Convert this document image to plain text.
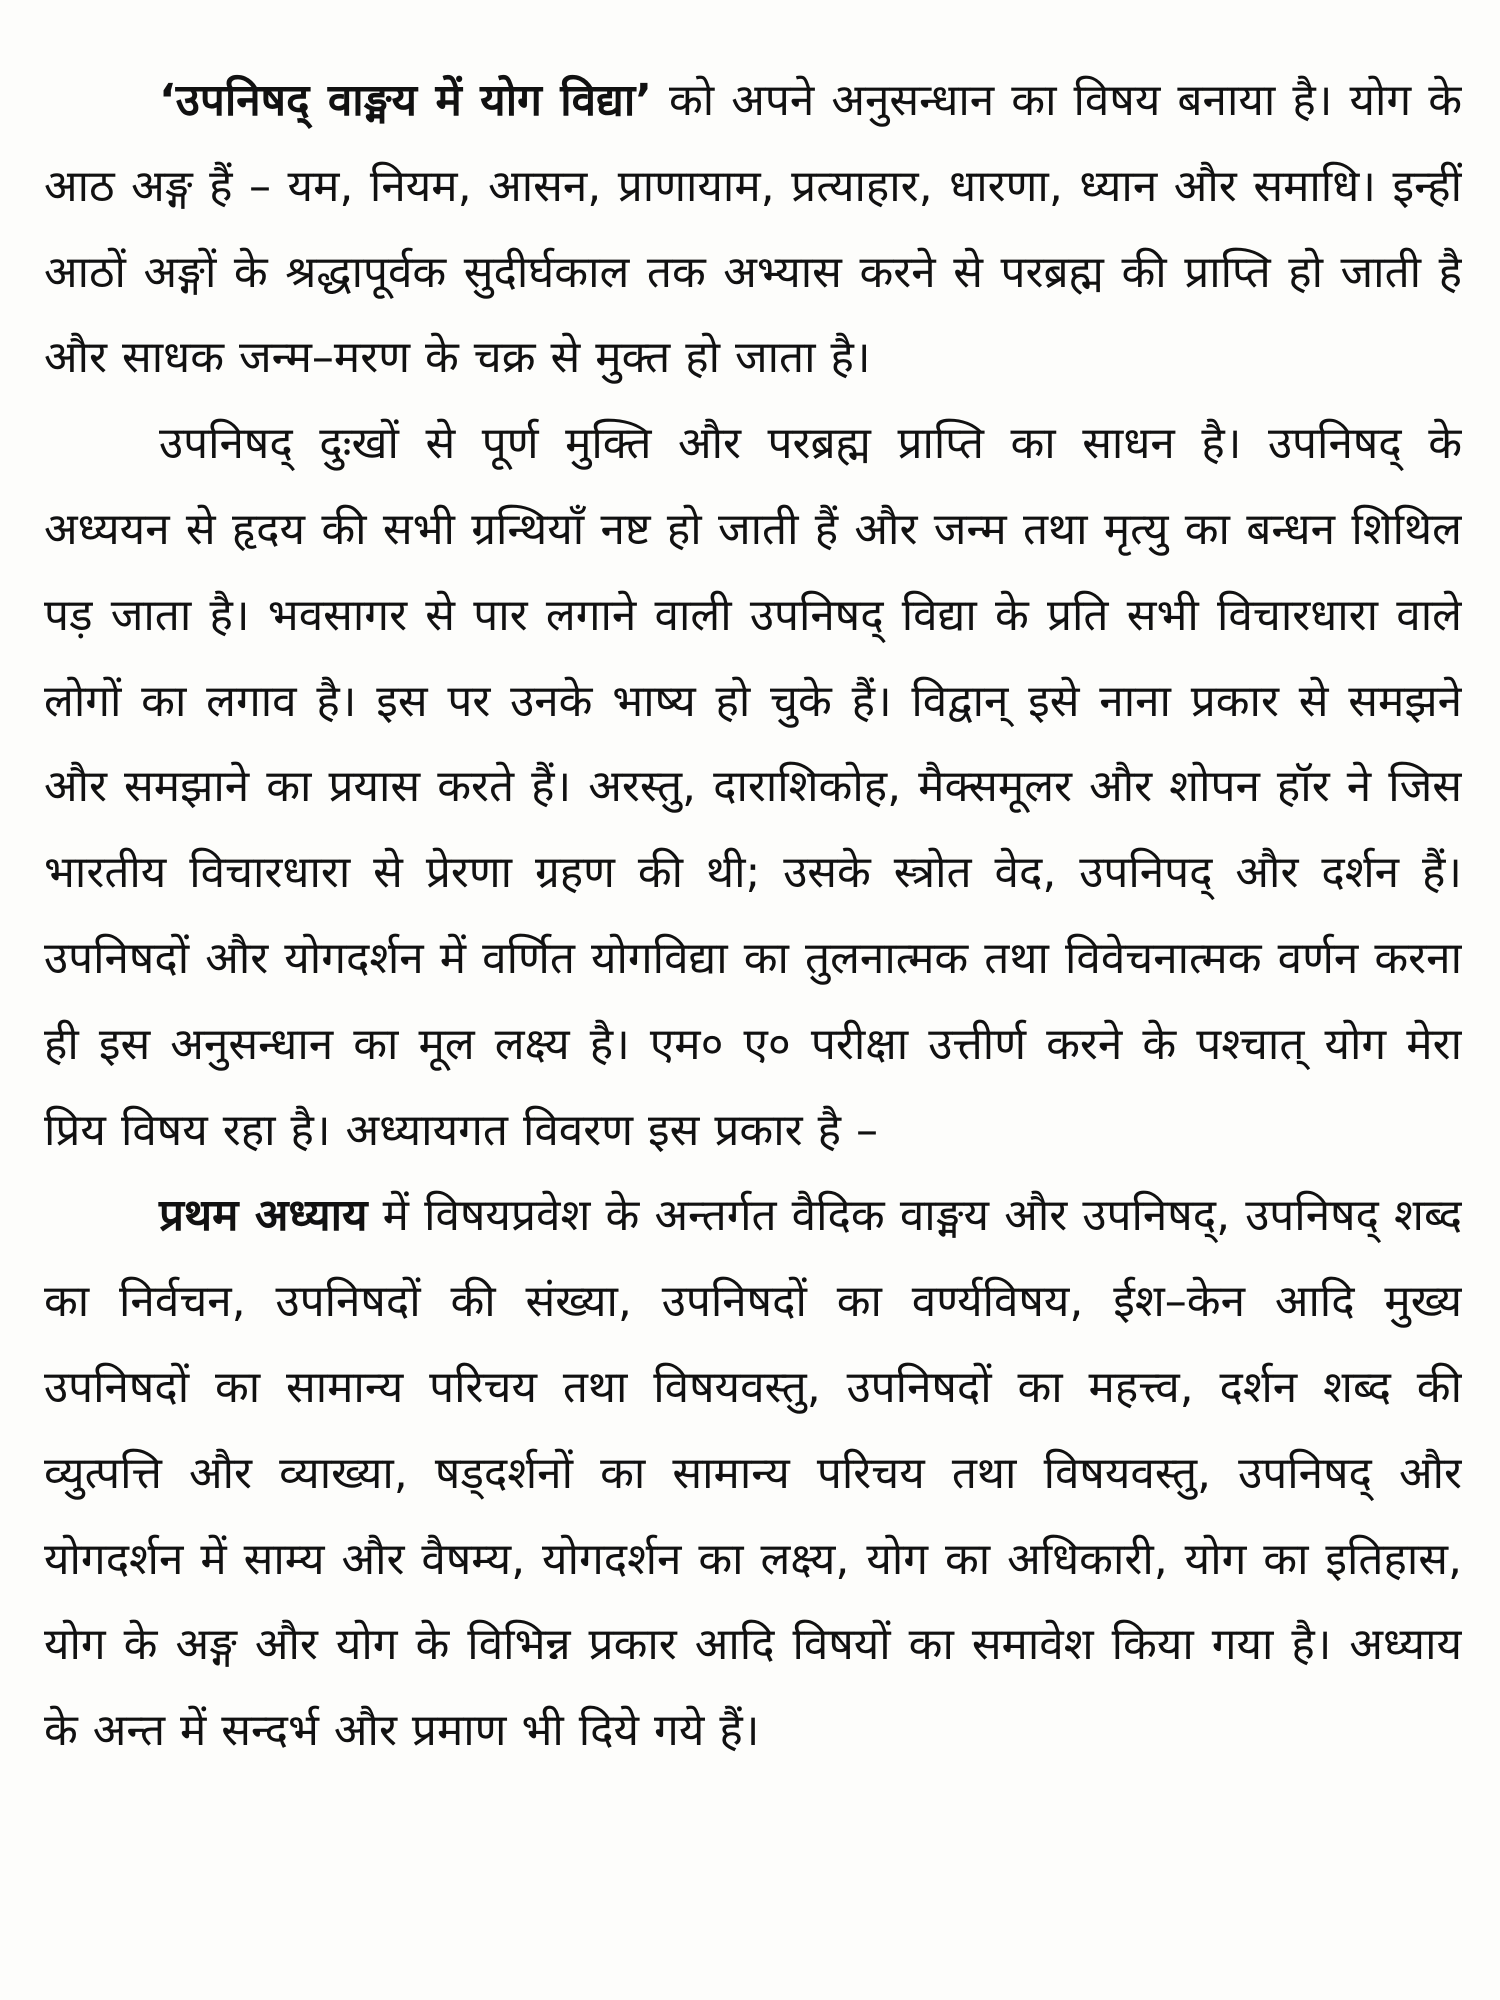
‘उपनिषद् वाङ्मय में योग विद्या’ को अपने अनुसन्धान का विषय बनाया है। योग के आठ अङ्ग हैं – यम, नियम, आसन, प्राणायाम, प्रत्याहार, धारणा, ध्यान और समाधि। इन्हीं आठों अङ्गों के श्रद्धापूर्वक सुदीर्घकाल तक अभ्यास करने से परब्रह्म की प्राप्ति हो जाती है और साधक जन्म–मरण के चक्र से मुक्त हो जाता है।

उपनिषद् दुःखों से पूर्ण मुक्ति और परब्रह्म प्राप्ति का साधन है। उपनिषद् के अध्ययन से हृदय की सभी ग्रन्थियाँ नष्ट हो जाती हैं और जन्म तथा मृत्यु का बन्धन शिथिल पड़ जाता है। भवसागर से पार लगाने वाली उपनिषद् विद्या के प्रति सभी विचारधारा वाले लोगों का लगाव है। इस पर उनके भाष्य हो चुके हैं। विद्वान् इसे नाना प्रकार से समझने और समझाने का प्रयास करते हैं। अरस्तु, दाराशिकोह, मैक्समूलर और शोपन हॉर ने जिस भारतीय विचारधारा से प्रेरणा ग्रहण की थी; उसके स्त्रोत वेद, उपनिपद् और दर्शन हैं। उपनिषदों और योगदर्शन में वर्णित योगविद्या का तुलनात्मक तथा विवेचनात्मक वर्णन करना ही इस अनुसन्धान का मूल लक्ष्य है। एम० ए० परीक्षा उत्तीर्ण करने के पश्चात् योग मेरा प्रिय विषय रहा है। अध्यायगत विवरण इस प्रकार है –

प्रथम अध्याय में विषयप्रवेश के अन्तर्गत वैदिक वाङ्मय और उपनिषद्, उपनिषद् शब्द का निर्वचन, उपनिषदों की संख्या, उपनिषदों का वर्ण्यविषय, ईश–केन आदि मुख्य उपनिषदों का सामान्य परिचय तथा विषयवस्तु, उपनिषदों का महत्त्व, दर्शन शब्द की व्युत्पत्ति और व्याख्या, षड्दर्शनों का सामान्य परिचय तथा विषयवस्तु, उपनिषद् और योगदर्शन में साम्य और वैषम्य, योगदर्शन का लक्ष्य, योग का अधिकारी, योग का इतिहास, योग के अङ्ग और योग के विभिन्न प्रकार आदि विषयों का समावेश किया गया है। अध्याय के अन्त में सन्दर्भ और प्रमाण भी दिये गये हैं।
